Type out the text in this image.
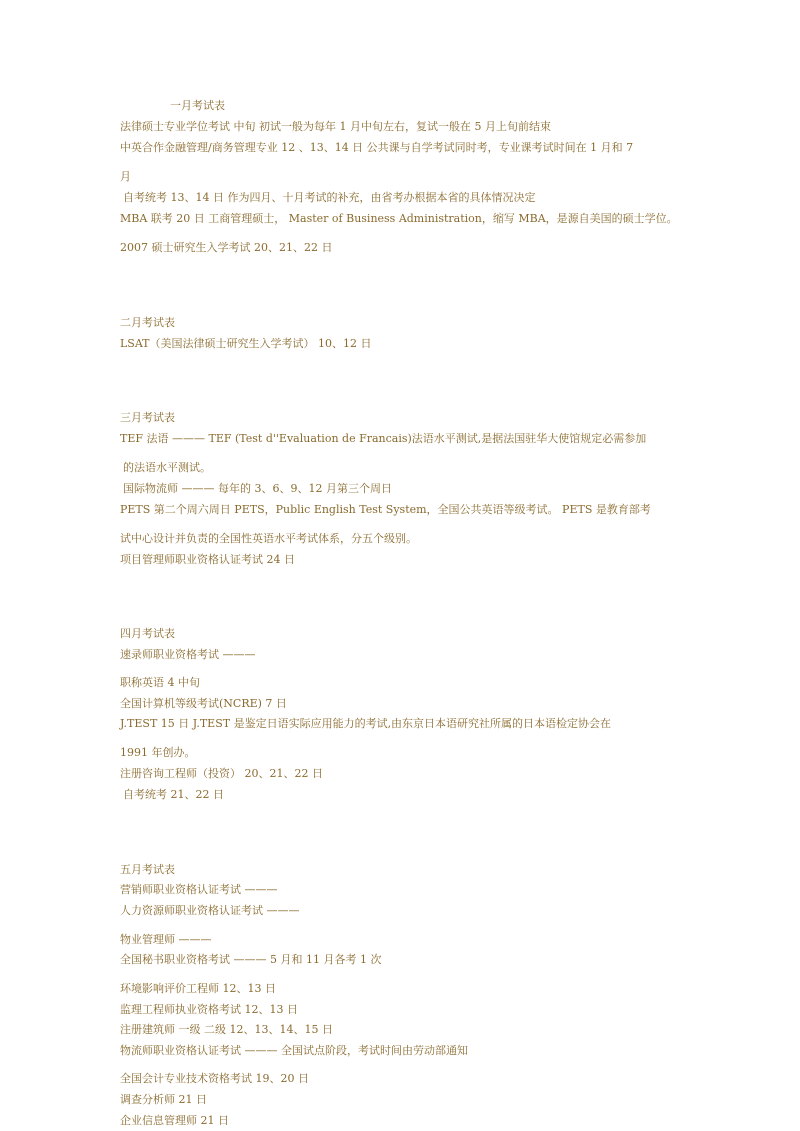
一月考试表
法律硕士专业学位考试 中旬 初试一般为每年 1 月中旬左右，复试一般在 5 月上旬前结束
中英合作金融管理/商务管理专业 12 、13、14 日 公共课与自学考试同时考，专业课考试时间在 1 月和 7
月
自考统考 13、14 日 作为四月、十月考试的补充，由省考办根据本省的具体情况决定
MBA 联考 20 日 工商管理硕士， Master of Business Administration，缩写 MBA，是源自美国的硕士学位。
2007 硕士研究生入学考试 20、21、22 日
二月考试表
LSAT（美国法律硕士研究生入学考试） 10、12 日
三月考试表
TEF 法语 ——— TEF (Test d''Evaluation de Francais)法语水平测试,是据法国驻华大使馆规定必需参加
的法语水平测试。
国际物流师 ——— 每年的 3、6、9、12 月第三个周日
PETS 第二个周六周日 PETS，Public English Test System，全国公共英语等级考试。 PETS 是教育部考
试中心设计并负责的全国性英语水平考试体系，分五个级别。
项目管理师职业资格认证考试 24 日
四月考试表
速录师职业资格考试 ———
职称英语 4 中旬
全国计算机等级考试(NCRE) 7 日
J.TEST 15 日 J.TEST 是鉴定日语实际应用能力的考试,由东京日本语研究社所属的日本语检定协会在
1991 年创办。
注册咨询工程师（投资） 20、21、22 日
自考统考 21、22 日
五月考试表
营销师职业资格认证考试 ———
人力资源师职业资格认证考试 ———
物业管理师 ———
全国秘书职业资格考试 ——— 5 月和 11 月各考 1 次
环境影响评价工程师 12、13 日
监理工程师执业资格考试 12、13 日
注册建筑师 一级 二级 12、13、14、15 日
物流师职业资格认证考试 ——— 全国试点阶段，考试时间由劳动部通知
全国会计专业技术资格考试 19、20 日
调查分析师 21 日
企业信息管理师 21 日
